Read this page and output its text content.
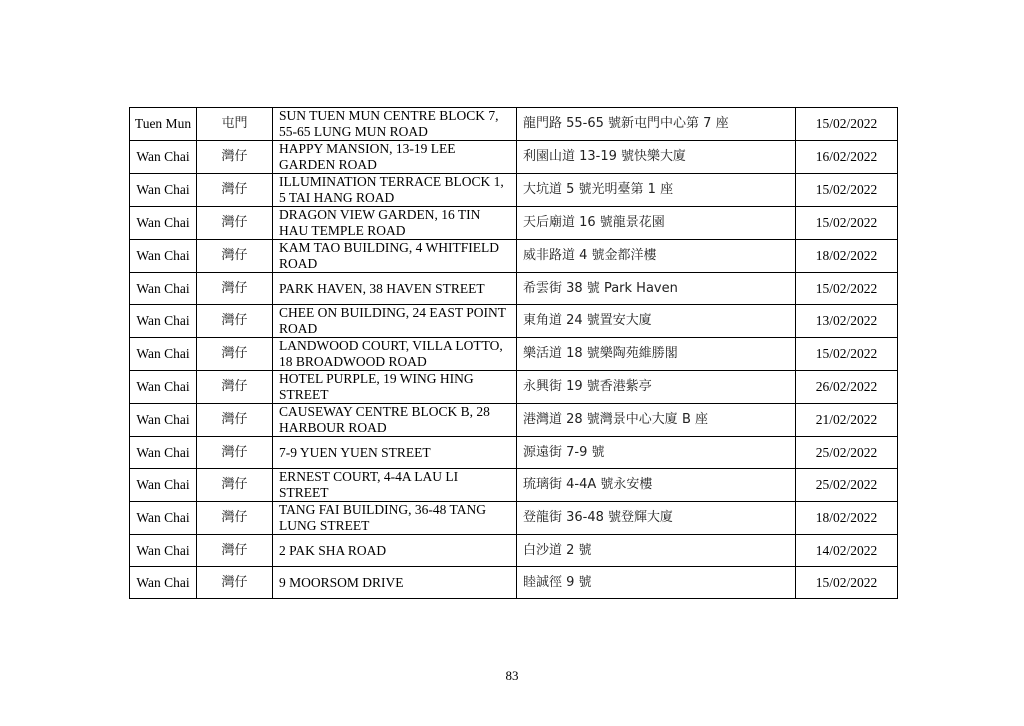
Tuen Mun	屯門	SUN TUEN MUN CENTRE BLOCK 7, 55-65 LUNG MUN ROAD	龍門路 55-65 號新屯門中心第 7 座	15/02/2022
Wan Chai	灣仔	HAPPY MANSION, 13-19 LEE GARDEN ROAD	利園山道 13-19 號快樂大廈	16/02/2022
Wan Chai	灣仔	ILLUMINATION TERRACE BLOCK 1, 5 TAI HANG ROAD	大坑道 5 號光明臺第 1 座	15/02/2022
Wan Chai	灣仔	DRAGON VIEW GARDEN, 16 TIN HAU TEMPLE ROAD	天后廟道 16 號龍景花園	15/02/2022
Wan Chai	灣仔	KAM TAO BUILDING, 4 WHITFIELD ROAD	威非路道 4 號金都洋樓	18/02/2022
Wan Chai	灣仔	PARK HAVEN, 38 HAVEN STREET	希雲街 38 號 Park Haven	15/02/2022
Wan Chai	灣仔	CHEE ON BUILDING, 24 EAST POINT ROAD	東角道 24 號置安大廈	13/02/2022
Wan Chai	灣仔	LANDWOOD COURT, VILLA LOTTO, 18 BROADWOOD ROAD	樂活道 18 號樂陶苑維勝閣	15/02/2022
Wan Chai	灣仔	HOTEL PURPLE, 19 WING HING STREET	永興街 19 號香港紫亭	26/02/2022
Wan Chai	灣仔	CAUSEWAY CENTRE BLOCK B, 28 HARBOUR ROAD	港灣道 28 號灣景中心大廈 B 座	21/02/2022
Wan Chai	灣仔	7-9 YUEN YUEN STREET	源遠街 7-9 號	25/02/2022
Wan Chai	灣仔	ERNEST COURT, 4-4A LAU LI STREET	琉璃街 4-4A 號永安樓	25/02/2022
Wan Chai	灣仔	TANG FAI BUILDING, 36-48 TANG LUNG STREET	登龍街 36-48 號登輝大廈	18/02/2022
Wan Chai	灣仔	2 PAK SHA ROAD	白沙道 2 號	14/02/2022
Wan Chai	灣仔	9 MOORSOM DRIVE	睦誠徑 9 號	15/02/2022
83
